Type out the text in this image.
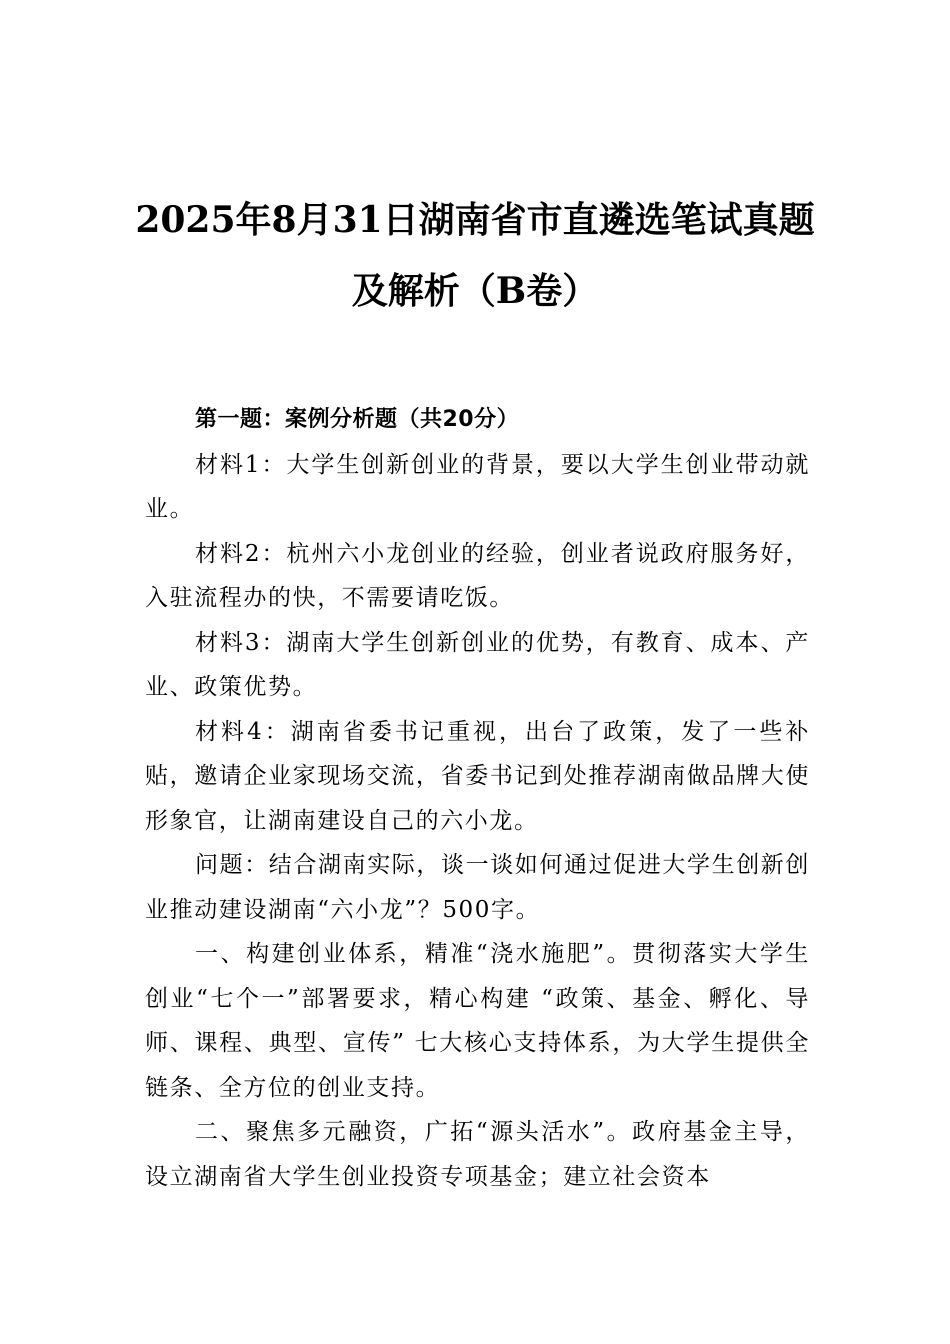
2025年8月31日湖南省市直遴选笔试真题
及解析（B卷）

第一题：案例分析题（共20分）

材料1：大学生创新创业的背景，要以大学生创业带动就业。

材料2：杭州六小龙创业的经验，创业者说政府服务好，入驻流程办的快，不需要请吃饭。

材料3：湖南大学生创新创业的优势，有教育、成本、产业、政策优势。

材料4：湖南省委书记重视，出台了政策，发了一些补贴，邀请企业家现场交流，省委书记到处推荐湖南做品牌大使形象官，让湖南建设自己的六小龙。

问题：结合湖南实际，谈一谈如何通过促进大学生创新创业推动建设湖南“六小龙”？500字。

一、构建创业体系，精准“浇水施肥”。贯彻落实大学生创业“七个一”部署要求，精心构建 “政策、基金、孵化、导师、课程、典型、宣传” 七大核心支持体系，为大学生提供全链条、全方位的创业支持。

二、聚焦多元融资，广拓“源头活水”。政府基金主导，设立湖南省大学生创业投资专项基金；建立社会资本
